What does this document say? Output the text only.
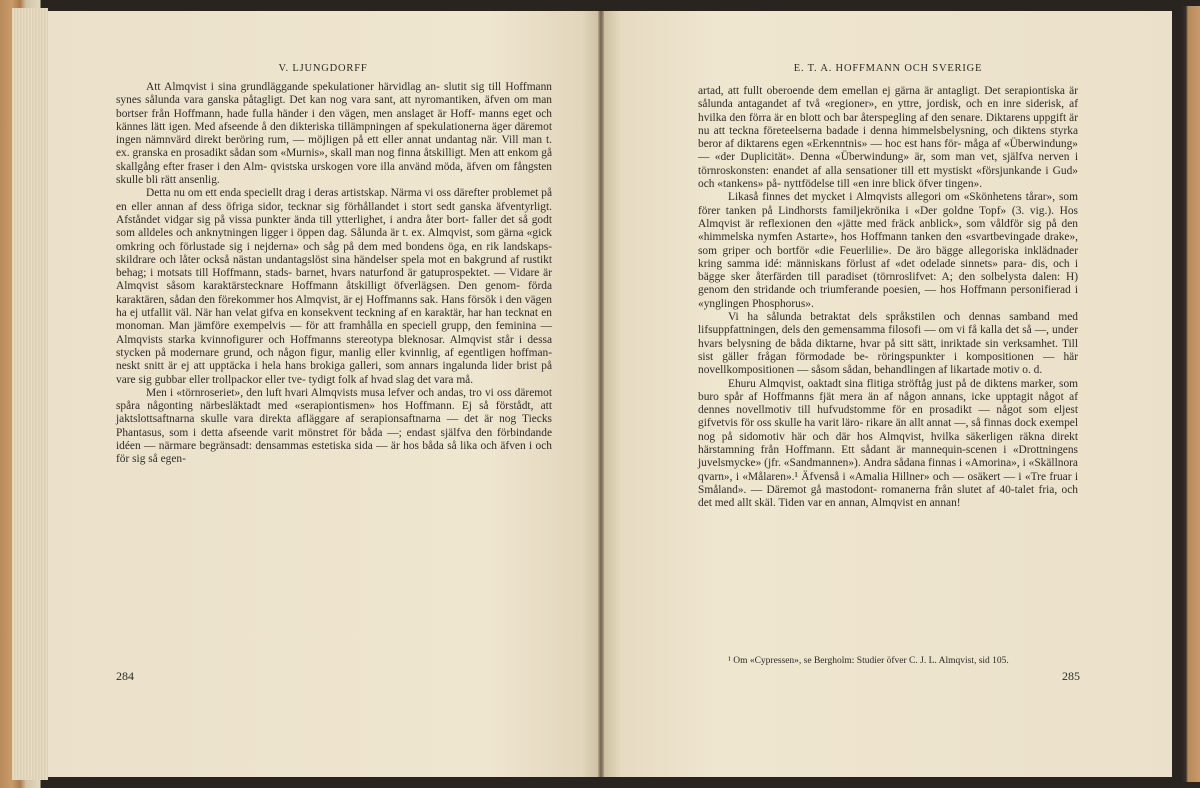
V. LJUNGDORFF

Att Almqvist i sina grundläggande spekulationer härvidlag an- slutit sig till Hoffmann synes sålunda vara ganska påtagligt. Det kan nog vara sant, att nyromantiken, äfven om man bortser från Hoffmann, hade fulla händer i den vägen, men anslaget är Hoff- manns eget och kännes lätt igen. Med afseende å den dikteriska tillämpningen af spekulationerna äger däremot ingen nämnvärd direkt beröring rum, — möjligen på ett eller annat undantag när. Vill man t. ex. granska en prosadikt sådan som «Murnis», skall man nog finna åtskilligt. Men att enkom gå skallgång efter fraser i den Alm- qvistska urskogen vore illa använd möda, äfven om fångsten skulle bli rätt ansenlig.

Detta nu om ett enda speciellt drag i deras artistskap. Närma vi oss därefter problemet på en eller annan af dess öfriga sidor, tecknar sig förhållandet i stort sedt ganska äfventyrligt. Afståndet vidgar sig på vissa punkter ända till ytterlighet, i andra åter bort- faller det så godt som alldeles och anknytningen ligger i öppen dag. Sålunda är t. ex. Almqvist, som gärna «gick omkring och förlustade sig i nejderna» och såg på dem med bondens öga, en rik landskaps- skildrare och låter också nästan undantagslöst sina händelser spela mot en bakgrund af rustikt behag; i motsats till Hoffmann, stads- barnet, hvars naturfond är gatuprospektet. — Vidare är Almqvist såsom karaktärstecknare Hoffmann åtskilligt öfverlägsen. Den genom- förda karaktären, sådan den förekommer hos Almqvist, är ej Hoffmanns sak. Hans försök i den vägen ha ej utfallit väl. När han velat gifva en konsekvent teckning af en karaktär, har han tecknat en monoman. Man jämföre exempelvis — för att framhålla en speciell grupp, den feminina — Almqvists starka kvinnofigurer och Hoffmanns stereotypa bleknosar. Almqvist står i dessa stycken på modernare grund, och någon figur, manlig eller kvinnlig, af egentligen hoffman- neskt snitt är ej att upptäcka i hela hans brokiga galleri, som annars ingalunda lider brist på vare sig gubbar eller trollpackor eller tve- tydigt folk af hvad slag det vara må.

Men i «törnroseriet», den luft hvari Almqvists musa lefver och andas, tro vi oss däremot spåra någonting närbesläktadt med «serapiontismen» hos Hoffmann. Ej så förstådt, att jaktslottsaftnarna skulle vara direkta afläggare af serapionsaftnarna — det är nog Tiecks Phantasus, som i detta afseende varit mönstret för båda —; endast själfva den förbindande idéen — närmare begränsadt: densammas estetiska sida — är hos båda så lika och äfven i och för sig så egen-

284
E. T. A. HOFFMANN OCH SVERIGE

artad, att fullt oberoende dem emellan ej gärna är antagligt. Det serapiontiska är sålunda antagandet af två «regioner», en yttre, jordisk, och en inre siderisk, af hvilka den förra är en blott och bar återspegling af den senare. Diktarens uppgift är nu att teckna företeelserna badade i denna himmelsbelysning, och diktens styrka beror af diktarens egen «Erkenntnis» — hoc est hans för- måga af «Überwindung» — «der Duplicität». Denna «Überwindung» är, som man vet, själfva nerven i törnroskonsten: enandet af alla sensationer till ett mystiskt «försjunkande i Gud» och «tankens» på- nyttfödelse till «en inre blick öfver tingen».

Likaså finnes det mycket i Almqvists allegori om «Skönhetens tårar», som förer tanken på Lindhorsts familjekrönika i «Der goldne Topf» (3. vig.). Hos Almqvist är reflexionen den «jätte med fräck anblick», som våldför sig på den «himmelska nymfen Astarte», hos Hoffmann tanken den «svartbevingade drake», som griper och bortför «die Feuerlilie». De äro bägge allegoriska inklädnader kring samma idé: människans förlust af «det odelade sinnets» para- dis, och i bägge sker återfärden till paradiset (törnroslifvet: A; den solbelysta dalen: H) genom den stridande och triumferande poesien, — hos Hoffmann personifierad i «ynglingen Phosphorus».

Vi ha sålunda betraktat dels språkstilen och dennas samband med lifsuppfattningen, dels den gemensamma filosofi — om vi få kalla det så —, under hvars belysning de båda diktarne, hvar på sitt sätt, inriktade sin verksamhet. Till sist gäller frågan förmodade be- röringspunkter i kompositionen — här novellkompositionen — såsom sådan, behandlingen af likartade motiv o. d.

Ehuru Almqvist, oaktadt sina flitiga ströftåg just på de diktens marker, som buro spår af Hoffmanns fjät mera än af någon annans, icke upptagit något af dennes novellmotiv till hufvudstomme för en prosadikt — något som eljest gifvetvis för oss skulle ha varit läro- rikare än allt annat —, så finnas dock exempel nog på sidomotiv här och där hos Almqvist, hvilka säkerligen räkna direkt härstamning från Hoffmann. Ett sådant är mannequin-scenen i «Drottningens juvelsmycke» (jfr. «Sandmannen»). Andra sådana finnas i «Amorina», i «Skällnora qvarn», i «Målaren».¹ Äfvenså i «Amalia Hillner» och — osäkert — i «Tre fruar i Småland». — Däremot gå mastodont- romanerna från slutet af 40-talet fria, och det med allt skäl. Tiden var en annan, Almqvist en annan!

¹ Om «Cypressen», se Bergholm: Studier öfver C. J. L. Almqvist, sid 105.
285
